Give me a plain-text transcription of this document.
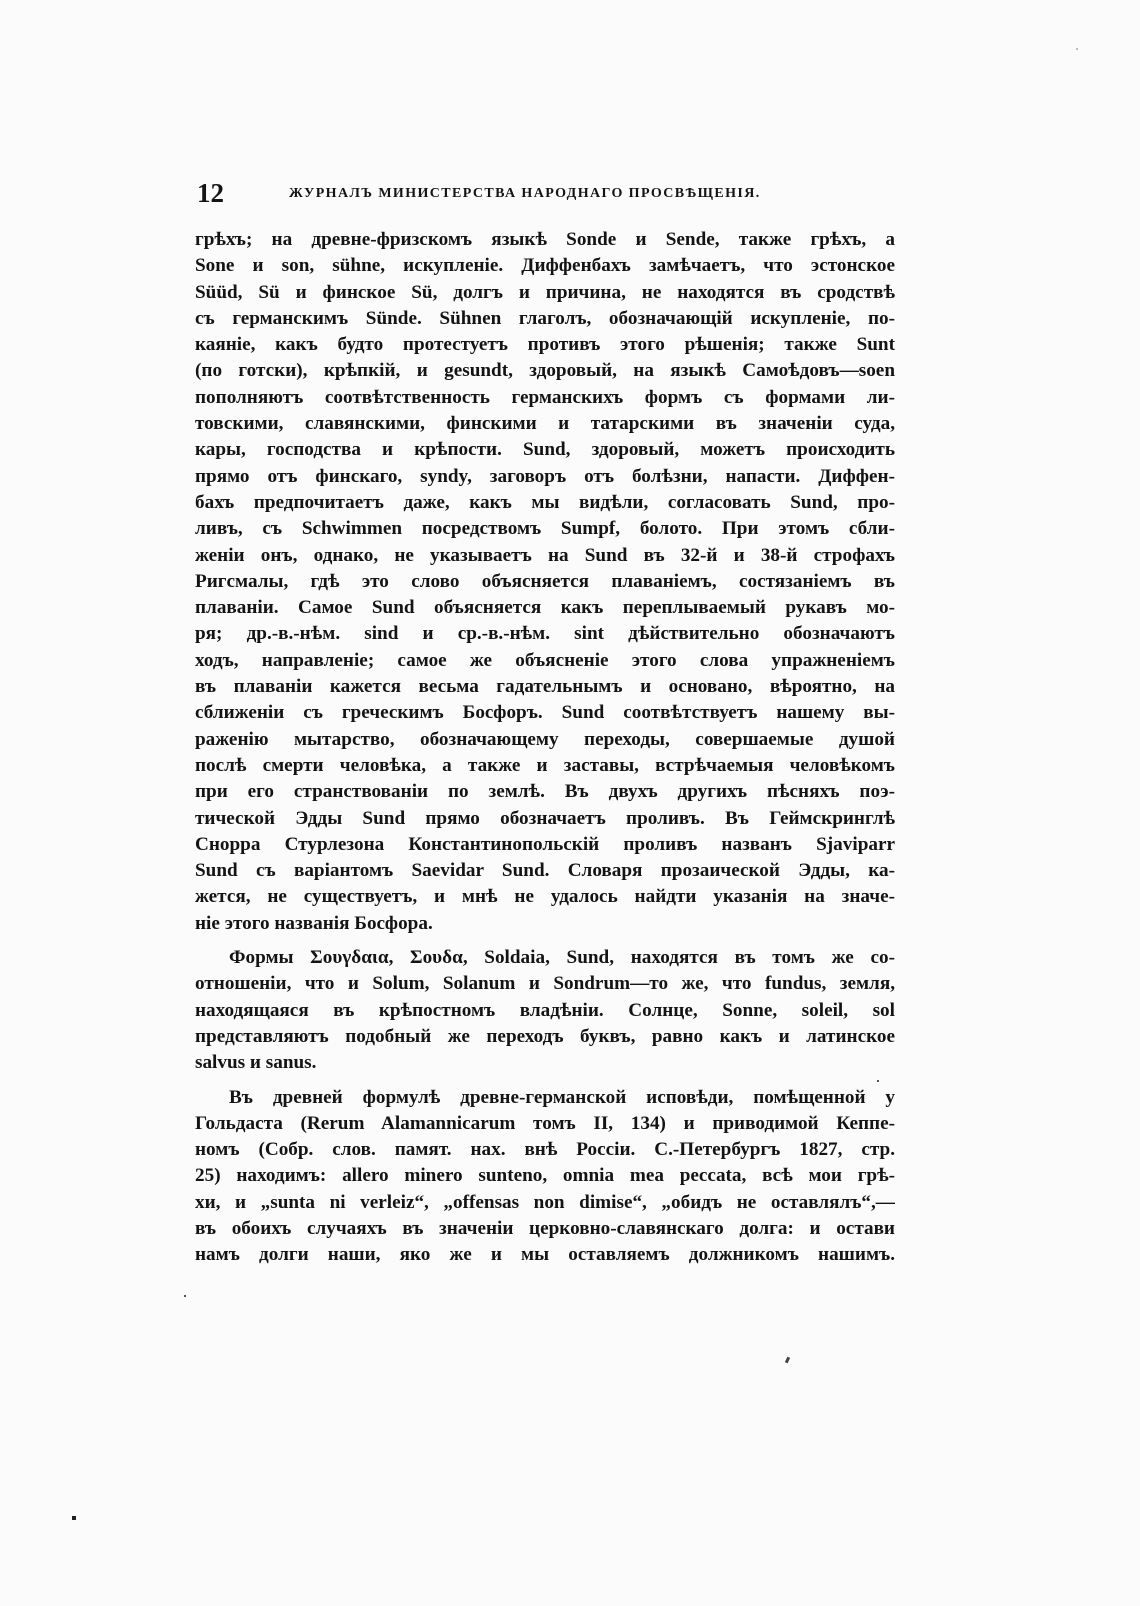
12	ЖУРНАЛЪ МИНИСТЕРСТВА НАРОДНАГО ПРОСВѢЩЕНІЯ.
грѣхъ; на древне-фризскомъ языкѣ Sonde и Sende, также грѣхъ, а
Sone и son, sühne, искупленіе. Диффенбахъ замѣчаетъ, что эстонское
Süüd, Sü и финское Sü, долгъ и причина, не находятся въ сродствѣ
съ германскимъ Sünde. Sühnen глаголъ, обозначающій искупленіе, по-
каяніе, какъ будто протестуетъ противъ этого рѣшенія; также Sunt
(по готски), крѣпкій, и gesundt, здоровый, на языкѣ Самоѣдовъ—soen
пополняютъ соотвѣтственность германскихъ формъ съ формами ли-
товскими, славянскими, финскими и татарскими въ значеніи суда,
кары, господства и крѣпости. Sund, здоровый, можетъ происходить
прямо отъ финскаго, syndy, заговоръ отъ болѣзни, напасти. Диффен-
бахъ предпочитаетъ даже, какъ мы видѣли, согласовать Sund, про-
ливъ, съ Schwimmen посредствомъ Sumpf, болото. При этомъ сбли-
женіи онъ, однако, не указываетъ на Sund въ 32-й и 38-й строфахъ
Ригсмалы, гдѣ это слово объясняется плаваніемъ, состязаніемъ въ
плаваніи. Самое Sund объясняется какъ переплываемый рукавъ мо-
ря; др.-в.-нѣм. sind и ср.-в.-нѣм. sint дѣйствительно обозначаютъ
ходъ, направленіе; самое же объясненіе этого слова упражненіемъ
въ плаваніи кажется весьма гадательнымъ и основано, вѣроятно, на
сближеніи съ греческимъ Босфоръ. Sund соотвѣтствуетъ нашему вы-
раженію мытарство, обозначающему переходы, совершаемые душой
послѣ смерти человѣка, а также и заставы, встрѣчаемыя человѣкомъ
при его странствованіи по землѣ. Въ двухъ другихъ пѣсняхъ поэ-
тической Эдды Sund прямо обозначаетъ проливъ. Въ Геймскринглѣ
Снорра Стурлезона Константинопольскій проливъ названъ Sjaviparr
Sund съ варіантомъ Saevidar Sund. Словаря прозаической Эдды, ка-
жется, не существуетъ, и мнѣ не удалось найдти указанія на значе-
ніе этого названія Босфора.
Формы Σουγδαια, Σουδα, Soldaia, Sund, находятся въ томъ же со-
отношеніи, что и Solum, Solanum и Sondrum—то же, что fundus, земля,
находящаяся въ крѣпостномъ владѣніи. Солнце, Sonne, soleil, sol
представляютъ подобный же переходъ буквъ, равно какъ и латинское
salvus и sanus.
Въ древней формулѣ древне-германской исповѣди, помѣщенной у
Гольдаста (Rerum Alamannicarum томъ II, 134) и приводимой Кеппе-
номъ (Собр. слов. памят. нах. внѣ Россіи. С.-Петербургъ 1827, стр.
25) находимъ: allero minero sunteno, omnia mea peccata, всѣ мои грѣ-
хи, и „sunta ni verleiz“, „offensas non dimise“, „обидъ не оставлялъ“,—
въ обоихъ случаяхъ въ значеніи церковно-славянскаго долга: и остави
намъ долги наши, яко же и мы оставляемъ должникомъ нашимъ.
